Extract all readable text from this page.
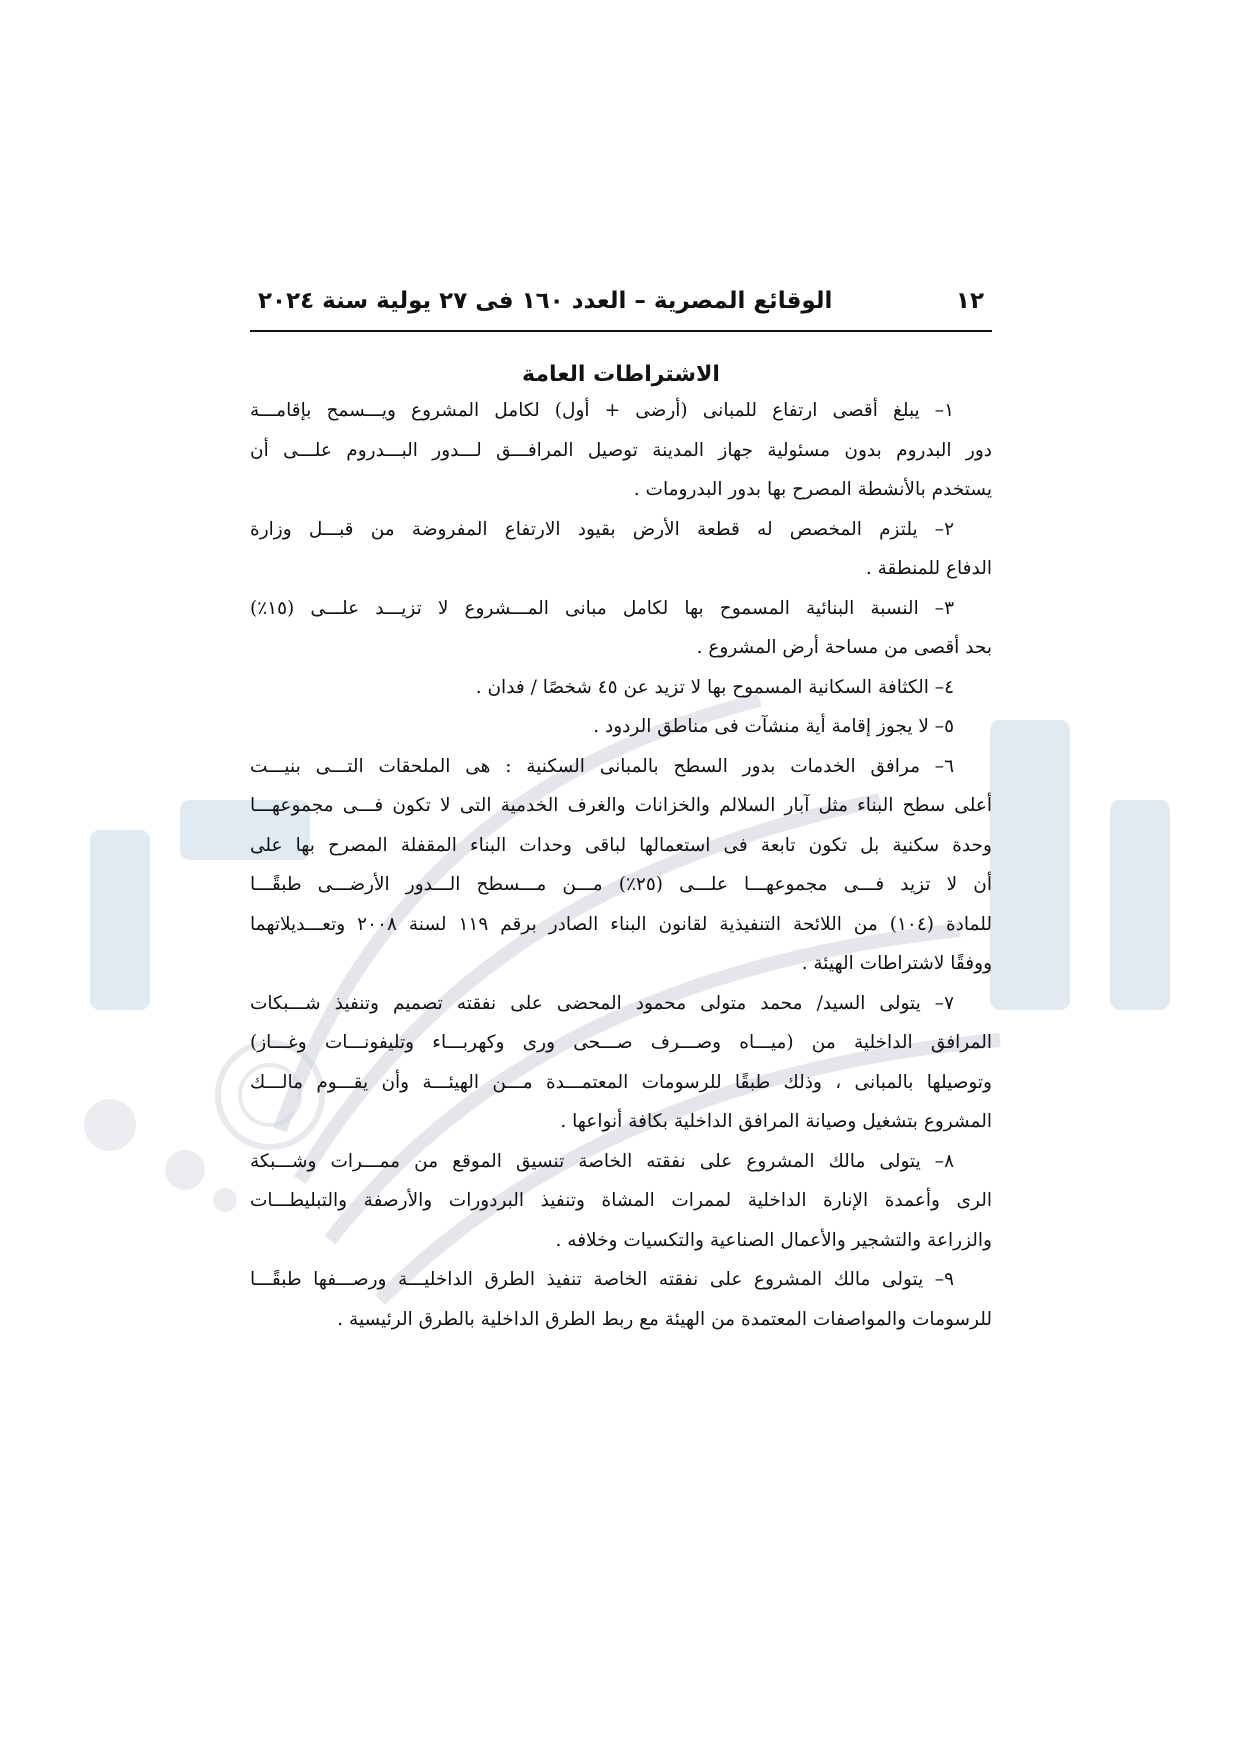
١٢
الوقائع المصرية – العدد ١٦٠ فى ٢٧ يولية سنة ٢٠٢٤
الاشتراطات العامة
١– يبلغ أقصى ارتفاع للمبانى (أرضى + أول) لكامل المشروع ويـــسمح بإقامـــة
دور البدروم بدون مسئولية جهاز المدينة توصيل المرافـــق لـــدور البـــدروم علـــى أن
يستخدم بالأنشطة المصرح بها بدور البدرومات .
٢– يلتزم المخصص له قطعة الأرض بقيود الارتفاع المفروضة من قبـــل وزارة
الدفاع للمنطقة .
٣– النسبة البنائية المسموح بها لكامل مبانى المـــشروع لا تزيـــد علـــى (١٥٪)
بحد أقصى من مساحة أرض المشروع .
٤– الكثافة السكانية المسموح بها لا تزيد عن ٤٥ شخصًا / فدان .
٥– لا يجوز إقامة أية منشآت فى مناطق الردود .
٦– مرافق الخدمات بدور السطح بالمبانى السكنية : هى الملحقات التـــى بنيـــت
أعلى سطح البناء مثل آبار السلالم والخزانات والغرف الخدمية التى لا تكون فـــى مجموعهـــا
وحدة سكنية بل تكون تابعة فى استعمالها لباقى وحدات البناء المقفلة المصرح بها على
أن لا تزيد فـــى مجموعهـــا علـــى (٢٥٪) مـــن مـــسطح الـــدور الأرضـــى طبقًـــا
للمادة (١٠٤) من اللائحة التنفيذية لقانون البناء الصادر برقم ١١٩ لسنة ٢٠٠٨ وتعـــديلاتهما
ووفقًا لاشتراطات الهيئة .
٧– يتولى السيد/ محمد متولى محمود المحضى على نفقته تصميم وتنفيذ شـــبكات
المرافق الداخلية من (ميـــاه وصـــرف صـــحى ورى وكهربـــاء وتليفونـــات وغـــاز)
وتوصيلها بالمبانى ، وذلك طبقًا للرسومات المعتمـــدة مـــن الهيئـــة وأن يقـــوم مالـــك
المشروع بتشغيل وصيانة المرافق الداخلية بكافة أنواعها .
٨– يتولى مالك المشروع على نفقته الخاصة تنسيق الموقع من ممـــرات وشـــبكة
الرى وأعمدة الإنارة الداخلية لممرات المشاة وتنفيذ البردورات والأرصفة والتبليطـــات
والزراعة والتشجير والأعمال الصناعية والتكسيات وخلافه .
٩– يتولى مالك المشروع على نفقته الخاصة تنفيذ الطرق الداخليـــة ورصـــفها طبقًـــا
للرسومات والمواصفات المعتمدة من الهيئة مع ربط الطرق الداخلية بالطرق الرئيسية .
